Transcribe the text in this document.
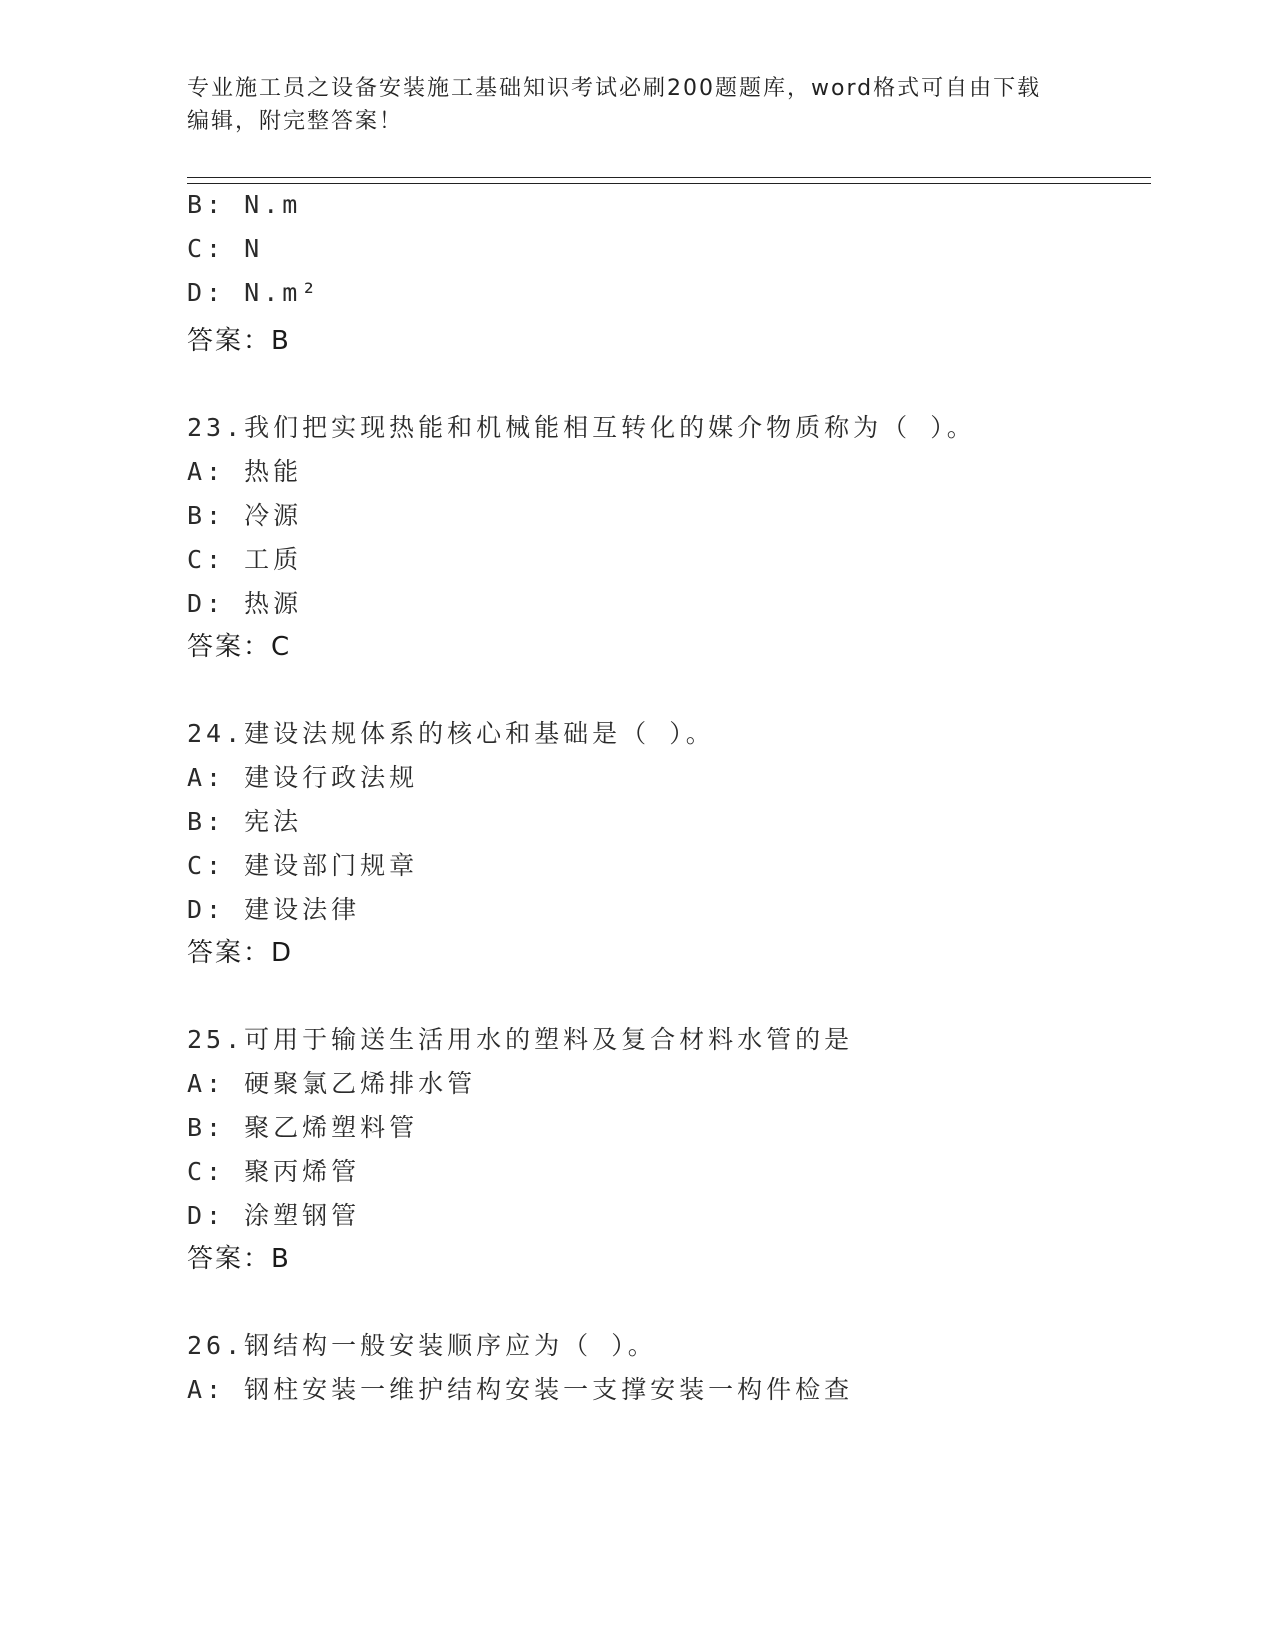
专业施工员之设备安装施工基础知识考试必刷200题题库，word格式可自由下载
编辑，附完整答案！
B: N.m
C: N
D: N.m²
答案：B
23.我们把实现热能和机械能相互转化的媒介物质称为（ ）。
A: 热能
B: 冷源
C: 工质
D: 热源
答案：C
24.建设法规体系的核心和基础是（ ）。
A: 建设行政法规
B: 宪法
C: 建设部门规章
D: 建设法律
答案：D
25.可用于输送生活用水的塑料及复合材料水管的是
A: 硬聚氯乙烯排水管
B: 聚乙烯塑料管
C: 聚丙烯管
D: 涂塑钢管
答案：B
26.钢结构一般安装顺序应为（ ）。
A: 钢柱安装一维护结构安装一支撑安装一构件检查
